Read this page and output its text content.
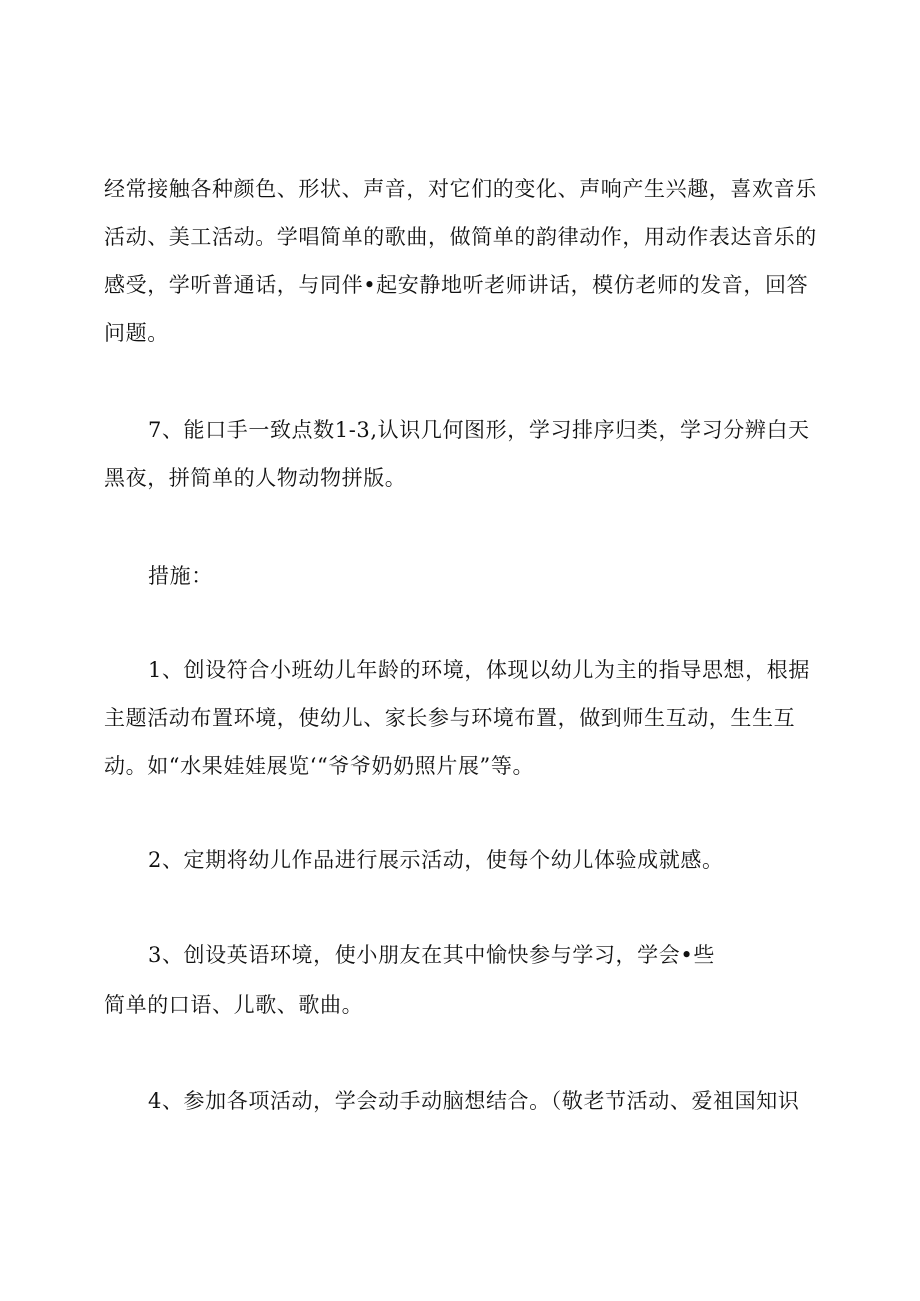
经常接触各种颜色、形状、声音，对它们的变化、声响产生兴趣，喜欢音乐
活动、美工活动。学唱简单的歌曲，做简单的韵律动作，用动作表达音乐的
感受，学听普通话，与同伴•起安静地听老师讲话，模仿老师的发音，回答
问题。
7、能口手一致点数1-3,认识几何图形，学习排序归类，学习分辨白天
黑夜，拼简单的人物动物拼版。
措施：
1、创设符合小班幼儿年龄的环境，体现以幼儿为主的指导思想，根据
主题活动布置环境，使幼儿、家长参与环境布置，做到师生互动，生生互
动。如“水果娃娃展览‘“爷爷奶奶照片展”等。
2、定期将幼儿作品进行展示活动，使每个幼儿体验成就感。
3、创设英语环境，使小朋友在其中愉快参与学习，学会•些
简单的口语、儿歌、歌曲。
4、参加各项活动，学会动手动脑想结合。（敬老节活动、爱祖国知识
